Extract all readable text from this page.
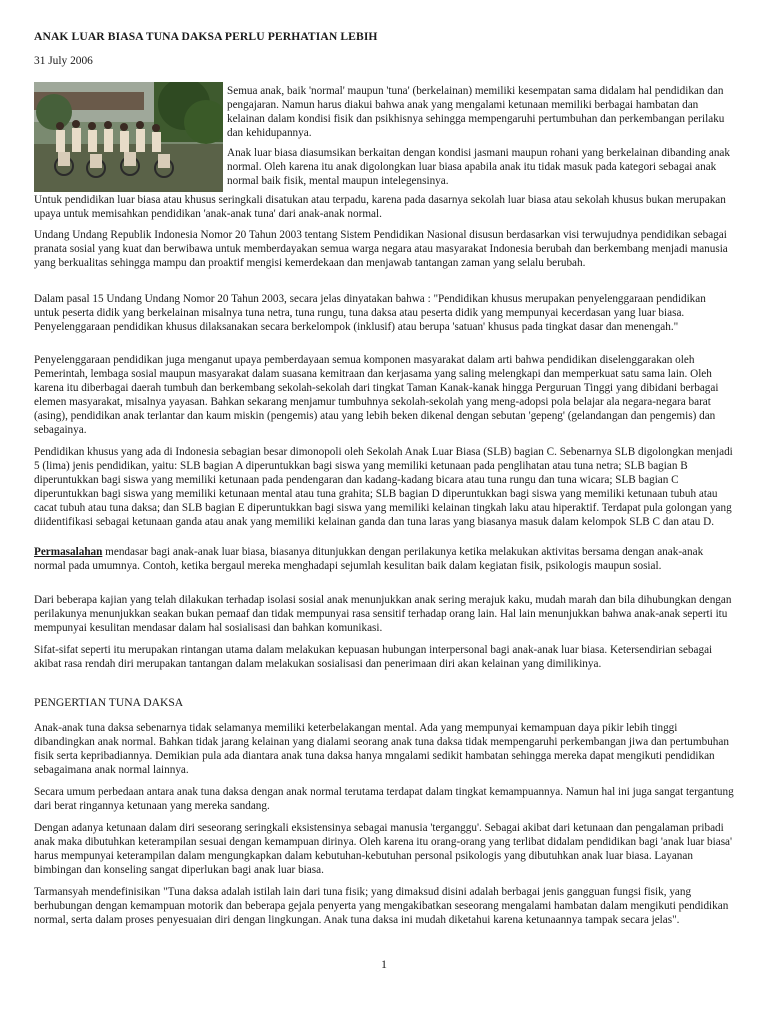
ANAK LUAR BIASA TUNA DAKSA PERLU PERHATIAN LEBIH
31 July 2006

Semua anak, baik 'normal' maupun 'tuna' (berkelainan) memiliki kesempatan sama didalam hal pendidikan dan pengajaran. Namun harus diakui bahwa anak yang mengalami ketunaan memiliki berbagai hambatan dan kelainan dalam kondisi fisik dan psikhisnya sehingga mempengaruhi pertumbuhan dan perkembangan perilaku dan kehidupannya.

Anak luar biasa diasumsikan berkaitan dengan kondisi jasmani maupun rohani yang berkelainan dibanding anak normal. Oleh karena itu anak digolongkan luar biasa apabila anak itu tidak masuk pada kategori sebagai anak normal baik fisik, mental maupun intelegensinya.

Untuk pendidikan luar biasa atau khusus seringkali disatukan atau terpadu, karena pada dasarnya sekolah luar biasa atau sekolah khusus bukan merupakan upaya untuk memisahkan pendidikan 'anak-anak tuna' dari anak-anak normal.

Undang Undang Republik Indonesia Nomor 20 Tahun 2003 tentang Sistem Pendidikan Nasional disusun berdasarkan visi terwujudnya pendidikan sebagai pranata sosial yang kuat dan berwibawa untuk memberdayakan semua warga negara atau masyarakat Indonesia berubah dan berkembang menjadi manusia yang berkualitas sehingga mampu dan proaktif mengisi kemerdekaan dan menjawab tantangan zaman yang selalu berubah.

Dalam pasal 15 Undang Undang Nomor 20 Tahun 2003, secara jelas dinyatakan bahwa : "Pendidikan khusus merupakan penyelenggaraan pendidikan untuk peserta didik yang berkelainan misalnya tuna netra, tuna rungu, tuna daksa atau peserta didik yang mempunyai kecerdasan yang luar biasa. Penyelenggaraan pendidikan khusus dilaksanakan secara berkelompok (inklusif) atau berupa 'satuan' khusus pada tingkat dasar dan menengah."

Penyelenggaraan pendidikan juga menganut upaya pemberdayaan semua komponen masyarakat dalam arti bahwa pendidikan diselenggarakan oleh Pemerintah, lembaga sosial maupun masyarakat dalam suasana kemitraan dan kerjasama yang saling melengkapi dan memperkuat satu sama lain. Oleh karena itu diberbagai daerah tumbuh dan berkembang sekolah-sekolah dari tingkat Taman Kanak-kanak hingga Perguruan Tinggi yang dibidani berbagai elemen masyarakat, misalnya yayasan. Bahkan sekarang menjamur tumbuhnya sekolah-sekolah yang meng-adopsi pola belajar ala negara-negara barat (asing), pendidikan anak terlantar dan kaum miskin (pengemis) atau yang lebih beken dikenal dengan sebutan 'gepeng' (gelandangan dan pengemis) dan sebagainya.

Pendidikan khusus yang ada di Indonesia sebagian besar dimonopoli oleh Sekolah Anak Luar Biasa (SLB) bagian C. Sebenarnya SLB digolongkan menjadi 5 (lima) jenis pendidikan, yaitu: SLB bagian A diperuntukkan bagi siswa yang memiliki ketunaan pada penglihatan atau tuna netra; SLB bagian B diperuntukkan bagi siswa yang memiliki ketunaan pada pendengaran dan kadang-kadang bicara atau tuna rungu dan tuna wicara; SLB bagian C diperuntukkan bagi siswa yang memiliki ketunaan mental atau tuna grahita; SLB bagian D diperuntukkan bagi siswa yang memiliki ketunaan tubuh atau cacat tubuh atau tuna daksa; dan SLB bagian E diperuntukkan bagi siswa yang memiliki kelainan tingkah laku atau hiperaktif. Terdapat pula golongan yang diidentifikasi sebagai ketunaan ganda atau anak yang memiliki kelainan ganda dan tuna laras yang biasanya masuk dalam kelompok SLB C dan atau D.

Permasalahan mendasar bagi anak-anak luar biasa, biasanya ditunjukkan dengan perilakunya ketika melakukan aktivitas bersama dengan anak-anak normal pada umumnya. Contoh, ketika bergaul mereka menghadapi sejumlah kesulitan baik dalam kegiatan fisik, psikologis maupun sosial.

Dari beberapa kajian yang telah dilakukan terhadap isolasi sosial anak menunjukkan anak sering merajuk kaku, mudah marah dan bila dihubungkan dengan perilakunya menunjukkan seakan bukan pemaaf dan tidak mempunyai rasa sensitif terhadap orang lain. Hal lain menunjukkan bahwa anak-anak seperti itu mempunyai kesulitan mendasar dalam hal sosialisasi dan bahkan komunikasi.

Sifat-sifat seperti itu merupakan rintangan utama dalam melakukan kepuasan hubungan interpersonal bagi anak-anak luar biasa. Ketersendirian sebagai akibat rasa rendah diri merupakan tantangan dalam melakukan sosialisasi dan penerimaan diri akan kelainan yang dimilikinya.

PENGERTIAN TUNA DAKSA

Anak-anak tuna daksa sebenarnya tidak selamanya memiliki keterbelakangan mental. Ada yang mempunyai kemampuan daya pikir lebih tinggi dibandingkan anak normal. Bahkan tidak jarang kelainan yang dialami seorang anak tuna daksa tidak mempengaruhi perkembangan jiwa dan pertumbuhan fisik serta kepribadiannya. Demikian pula ada diantara anak tuna daksa hanya mngalami sedikit hambatan sehingga mereka dapat mengikuti pendidikan sebagaimana anak normal lainnya.

Secara umum perbedaan antara anak tuna daksa dengan anak normal terutama terdapat dalam tingkat kemampuannya. Namun hal ini juga sangat tergantung dari berat ringannya ketunaan yang mereka sandang.

Dengan adanya ketunaan dalam diri seseorang seringkali eksistensinya sebagai manusia 'terganggu'. Sebagai akibat dari ketunaan dan pengalaman pribadi anak maka dibutuhkan keterampilan sesuai dengan kemampuan dirinya. Oleh karena itu orang-orang yang terlibat didalam pendidikan bagi 'anak luar biasa' harus mempunyai keterampilan dalam mengungkapkan dalam kebutuhan-kebutuhan personal psikologis yang dibutuhkan anak luar biasa. Layanan bimbingan dan konseling sangat diperlukan bagi anak luar biasa.

Tarmansyah mendefinisikan "Tuna daksa adalah istilah lain dari tuna fisik; yang dimaksud disini adalah berbagai jenis gangguan fungsi fisik, yang berhubungan dengan kemampuan motorik dan beberapa gejala penyerta yang mengakibatkan seseorang mengalami hambatan dalam mengikuti pendidikan normal, serta dalam proses penyesuaian diri dengan lingkungan. Anak tuna daksa ini mudah diketahui karena ketunaannya tampak secara jelas".

1
